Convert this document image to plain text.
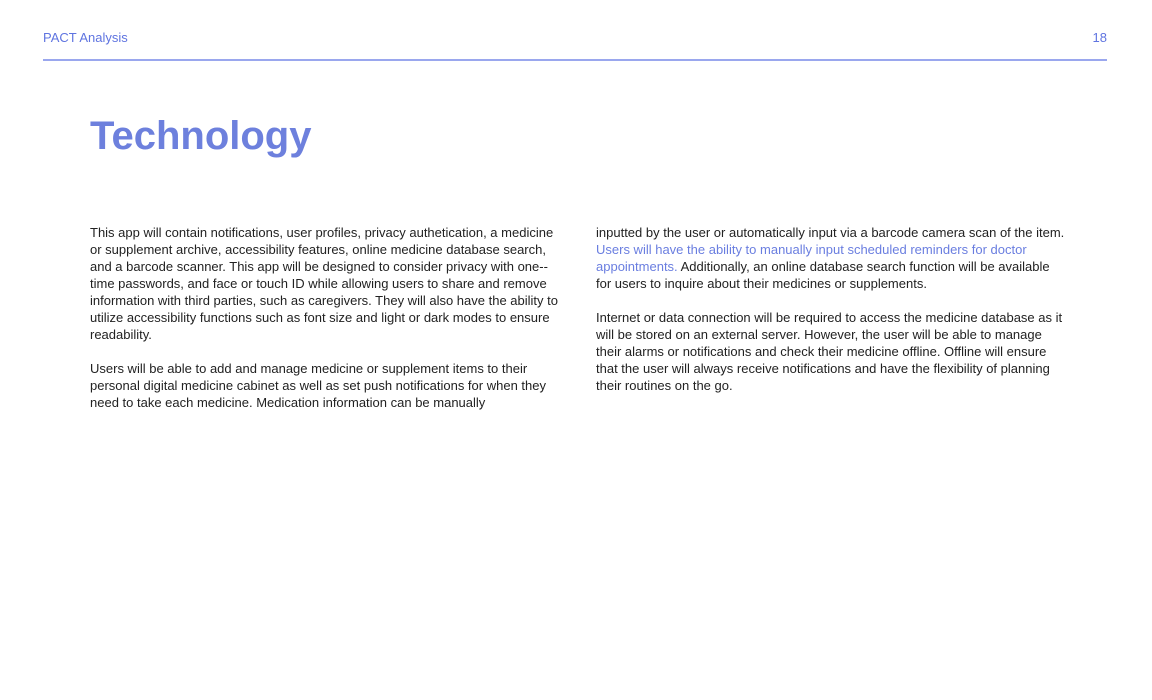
PACT Analysis	18
Technology

This app will contain notifications, user profiles, privacy authetication, a medicine or supplement archive, accessibility features, online medicine database search, and a barcode scanner. This app will be designed to consider privacy with one--time passwords, and face or touch ID while allowing users to share and remove information with third parties, such as caregivers. They will also have the ability to utilize accessibility functions such as font size and light or dark modes to ensure readability.

Users will be able to add and manage medicine or supplement items to their personal digital medicine cabinet as well as set push notifications for when they need to take each medicine. Medication information can be manually

inputted by the user or automatically input via a barcode camera scan of the item. Users will have the ability to manually input scheduled reminders for doctor appointments. Additionally, an online database search function will be available for users to inquire about their medicines or supplements.

Internet or data connection will be required to access the medicine database as it will be stored on an external server. However, the user will be able to manage their alarms or notifications and check their medicine offline. Offline will ensure that the user will always receive notifications and have the flexibility of planning their routines on the go.
